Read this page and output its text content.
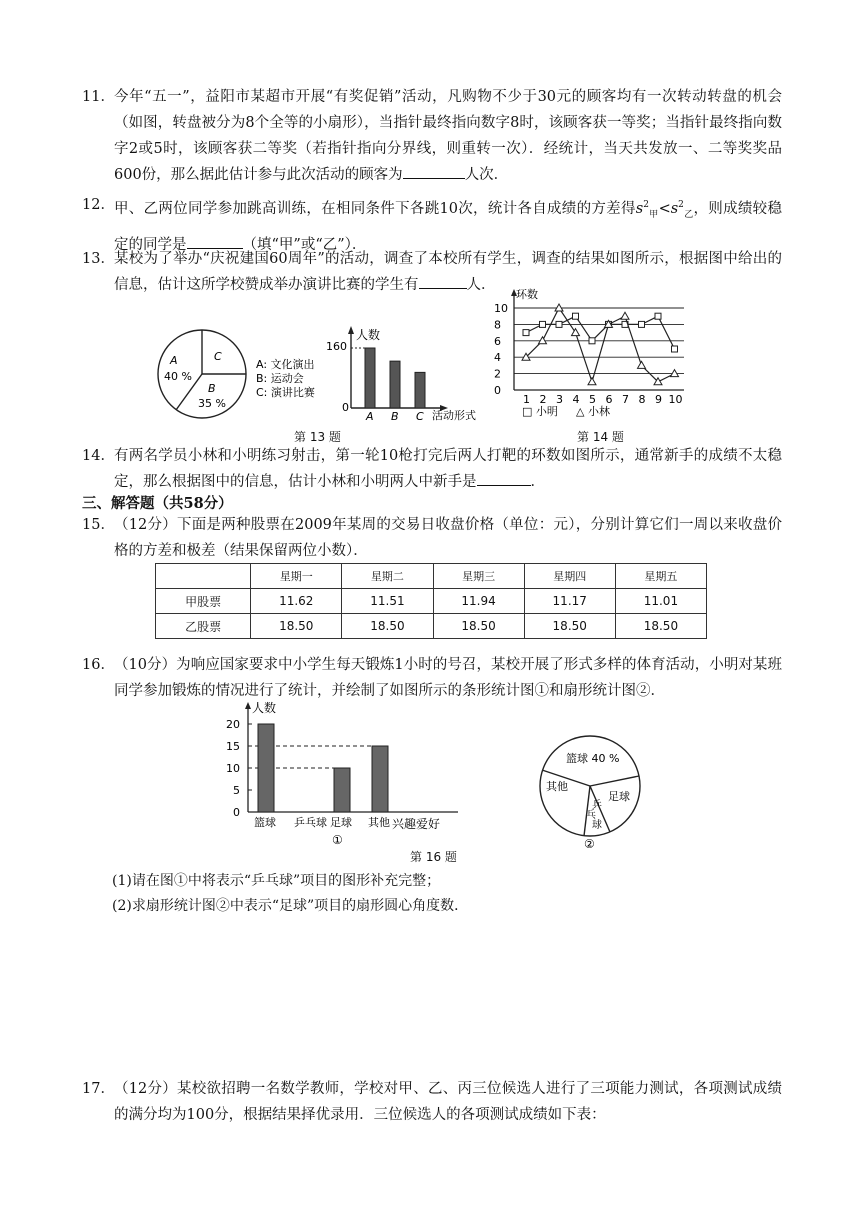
11． 今年“五一”，益阳市某超市开展“有奖促销”活动，凡购物不少于30元的顾客均有一次转动转盘的机会（如图，转盘被分为8个全等的小扇形），当指针最终指向数字8时，该顾客获一等奖；当指针最终指向数字2或5时，该顾客获二等奖（若指针指向分界线，则重转一次）．经统计，当天共发放一、二等奖奖品600份，那么据此估计参与此次活动的顾客为	人次．
12． 甲、乙两位同学参加跳高训练，在相同条件下各跳10次，统计各自成绩的方差得$s^2_甲<s^2_乙$，则成绩较稳定的同学是	（填“甲”或“乙”）．
13． 某校为了举办“庆祝建国60周年”的活动，调查了本校所有学生，调查的结果如图所示，根据图中给出的信息，估计这所学校赞成举办演讲比赛的学生有	人．
A
40 %
C
B
35 %
A: 文化演出
B: 运动会
C: 演讲比赛
人数
160
0
活动形式
A B C
第 13 题
环数
□ 小明 △ 小林
0
2
4
6
8
10
1 2 3 4 5 6 7 8 9 10
第 14 题
14． 有两名学员小林和小明练习射击，第一轮10枪打完后两人打靶的环数如图所示，通常新手的成绩不太稳定，那么根据图中的信息，估计小林和小明两人中新手是	．
三、解答题（共58分）
15． （12分）下面是两种股票在2009年某周的交易日收盘价格（单位：元），分别计算它们一周以来收盘价格的方差和极差（结果保留两位小数）．
	星期一	星期二	星期三	星期四	星期五
甲股票	11.62	11.51	11.94	11.17	11.01
乙股票	18.50	18.50	18.50	18.50	18.50
16． （10分）为响应国家要求中小学生每天锻炼1小时的号召，某校开展了形式多样的体育活动，小明对某班同学参加锻炼的情况进行了统计，并绘制了如图所示的条形统计图①和扇形统计图②．
人数
兴趣爱好
①
0
5
10
15
20
篮球 乒乓球 足球 其他
篮球 40 %
其他
足球
乒乓球
②
第 16 题
(1)请在图①中将表示“乒乓球”项目的图形补充完整；
(2)求扇形统计图②中表示“足球”项目的扇形圆心角度数．
17． （12分）某校欲招聘一名数学教师，学校对甲、乙、丙三位候选人进行了三项能力测试，各项测试成绩的满分均为100分，根据结果择优录用．三位候选人的各项测试成绩如下表：
